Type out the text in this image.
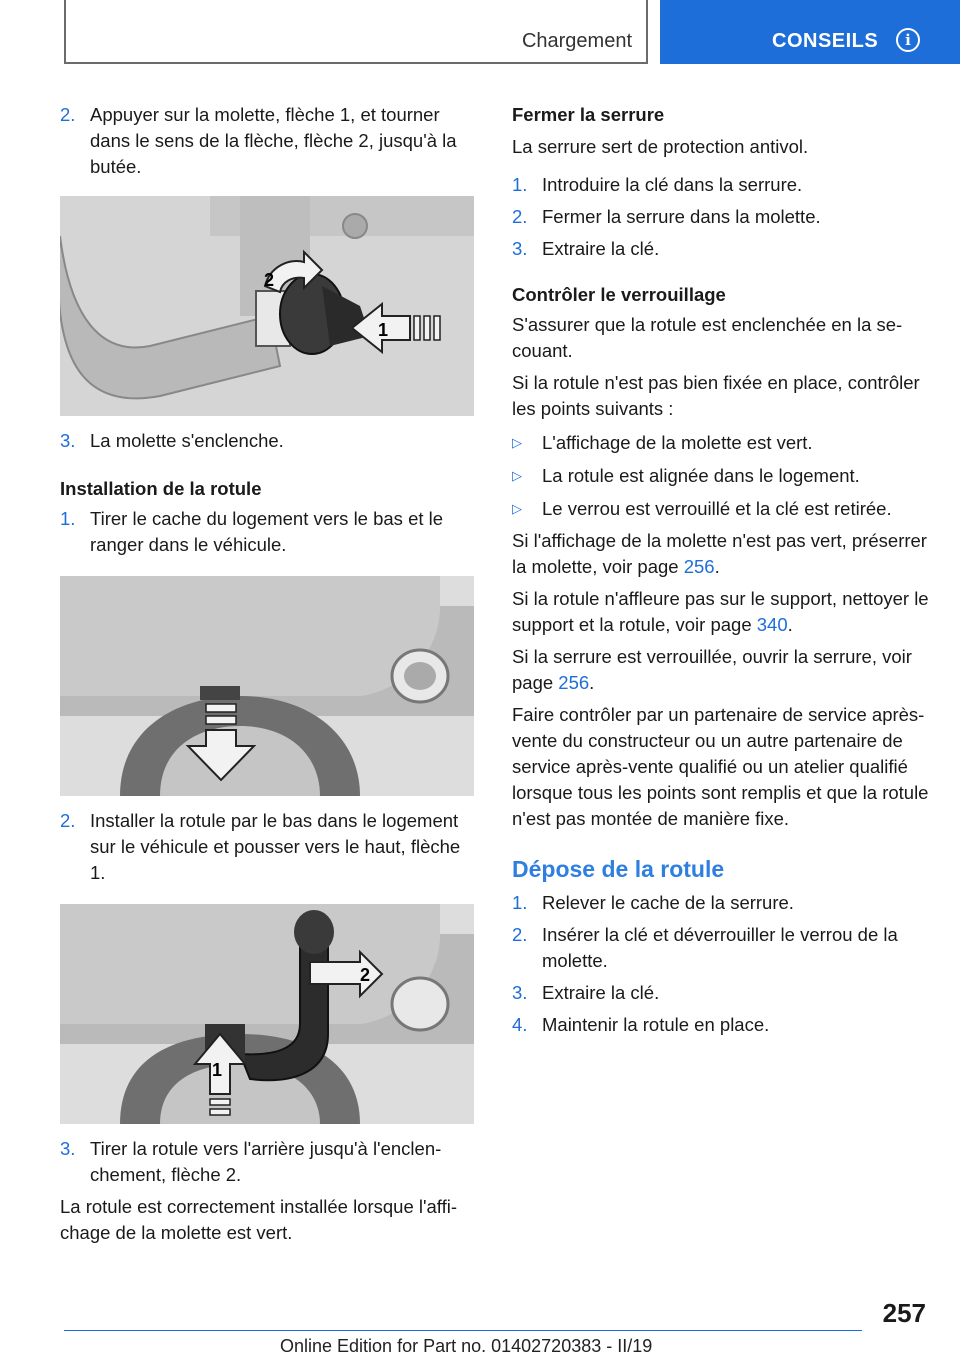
Chargement	CONSEILS	i
2. Appuyer sur la molette, flèche 1, et tourner dans le sens de la flèche, flèche 2, jusqu'à la butée.
2
1
3. La molette s'enclenche.
Installation de la rotule
1. Tirer le cache du logement vers le bas et le ranger dans le véhicule.
2. Installer la rotule par le bas dans le logement sur le véhicule et pousser vers le haut, flèche 1.
2
1
3. Tirer la rotule vers l'arrière jusqu'à l'enclenchement, flèche 2.

La rotule est correctement installée lorsque l'affichage de la molette est vert.

Fermer la serrure

La serrure sert de protection antivol.

1. Introduire la clé dans la serrure.
2. Fermer la serrure dans la molette.
3. Extraire la clé.
Contrôler le verrouillage

S'assurer que la rotule est enclenchée en la secouant.

Si la rotule n'est pas bien fixée en place, contrôler les points suivants :

▷	L'affichage de la molette est vert.
▷	La rotule est alignée dans le logement.
▷	Le verrou est verrouillé et la clé est retirée.

Si l'affichage de la molette n'est pas vert, préserrer la molette, voir page 256.

Si la rotule n'affleure pas sur le support, nettoyer le support et la rotule, voir page 340.

Si la serrure est verrouillée, ouvrir la serrure, voir page 256.

Faire contrôler par un partenaire de service après-vente du constructeur ou un autre partenaire de service après-vente qualifié ou un atelier qualifié lorsque tous les points sont remplis et que la rotule n'est pas montée de manière fixe.

Dépose de la rotule
1. Relever le cache de la serrure.
2. Insérer la clé et déverrouiller le verrou de la molette.
3. Extraire la clé.
4. Maintenir la rotule en place.
257
Online Edition for Part no. 01402720383 - II/19
